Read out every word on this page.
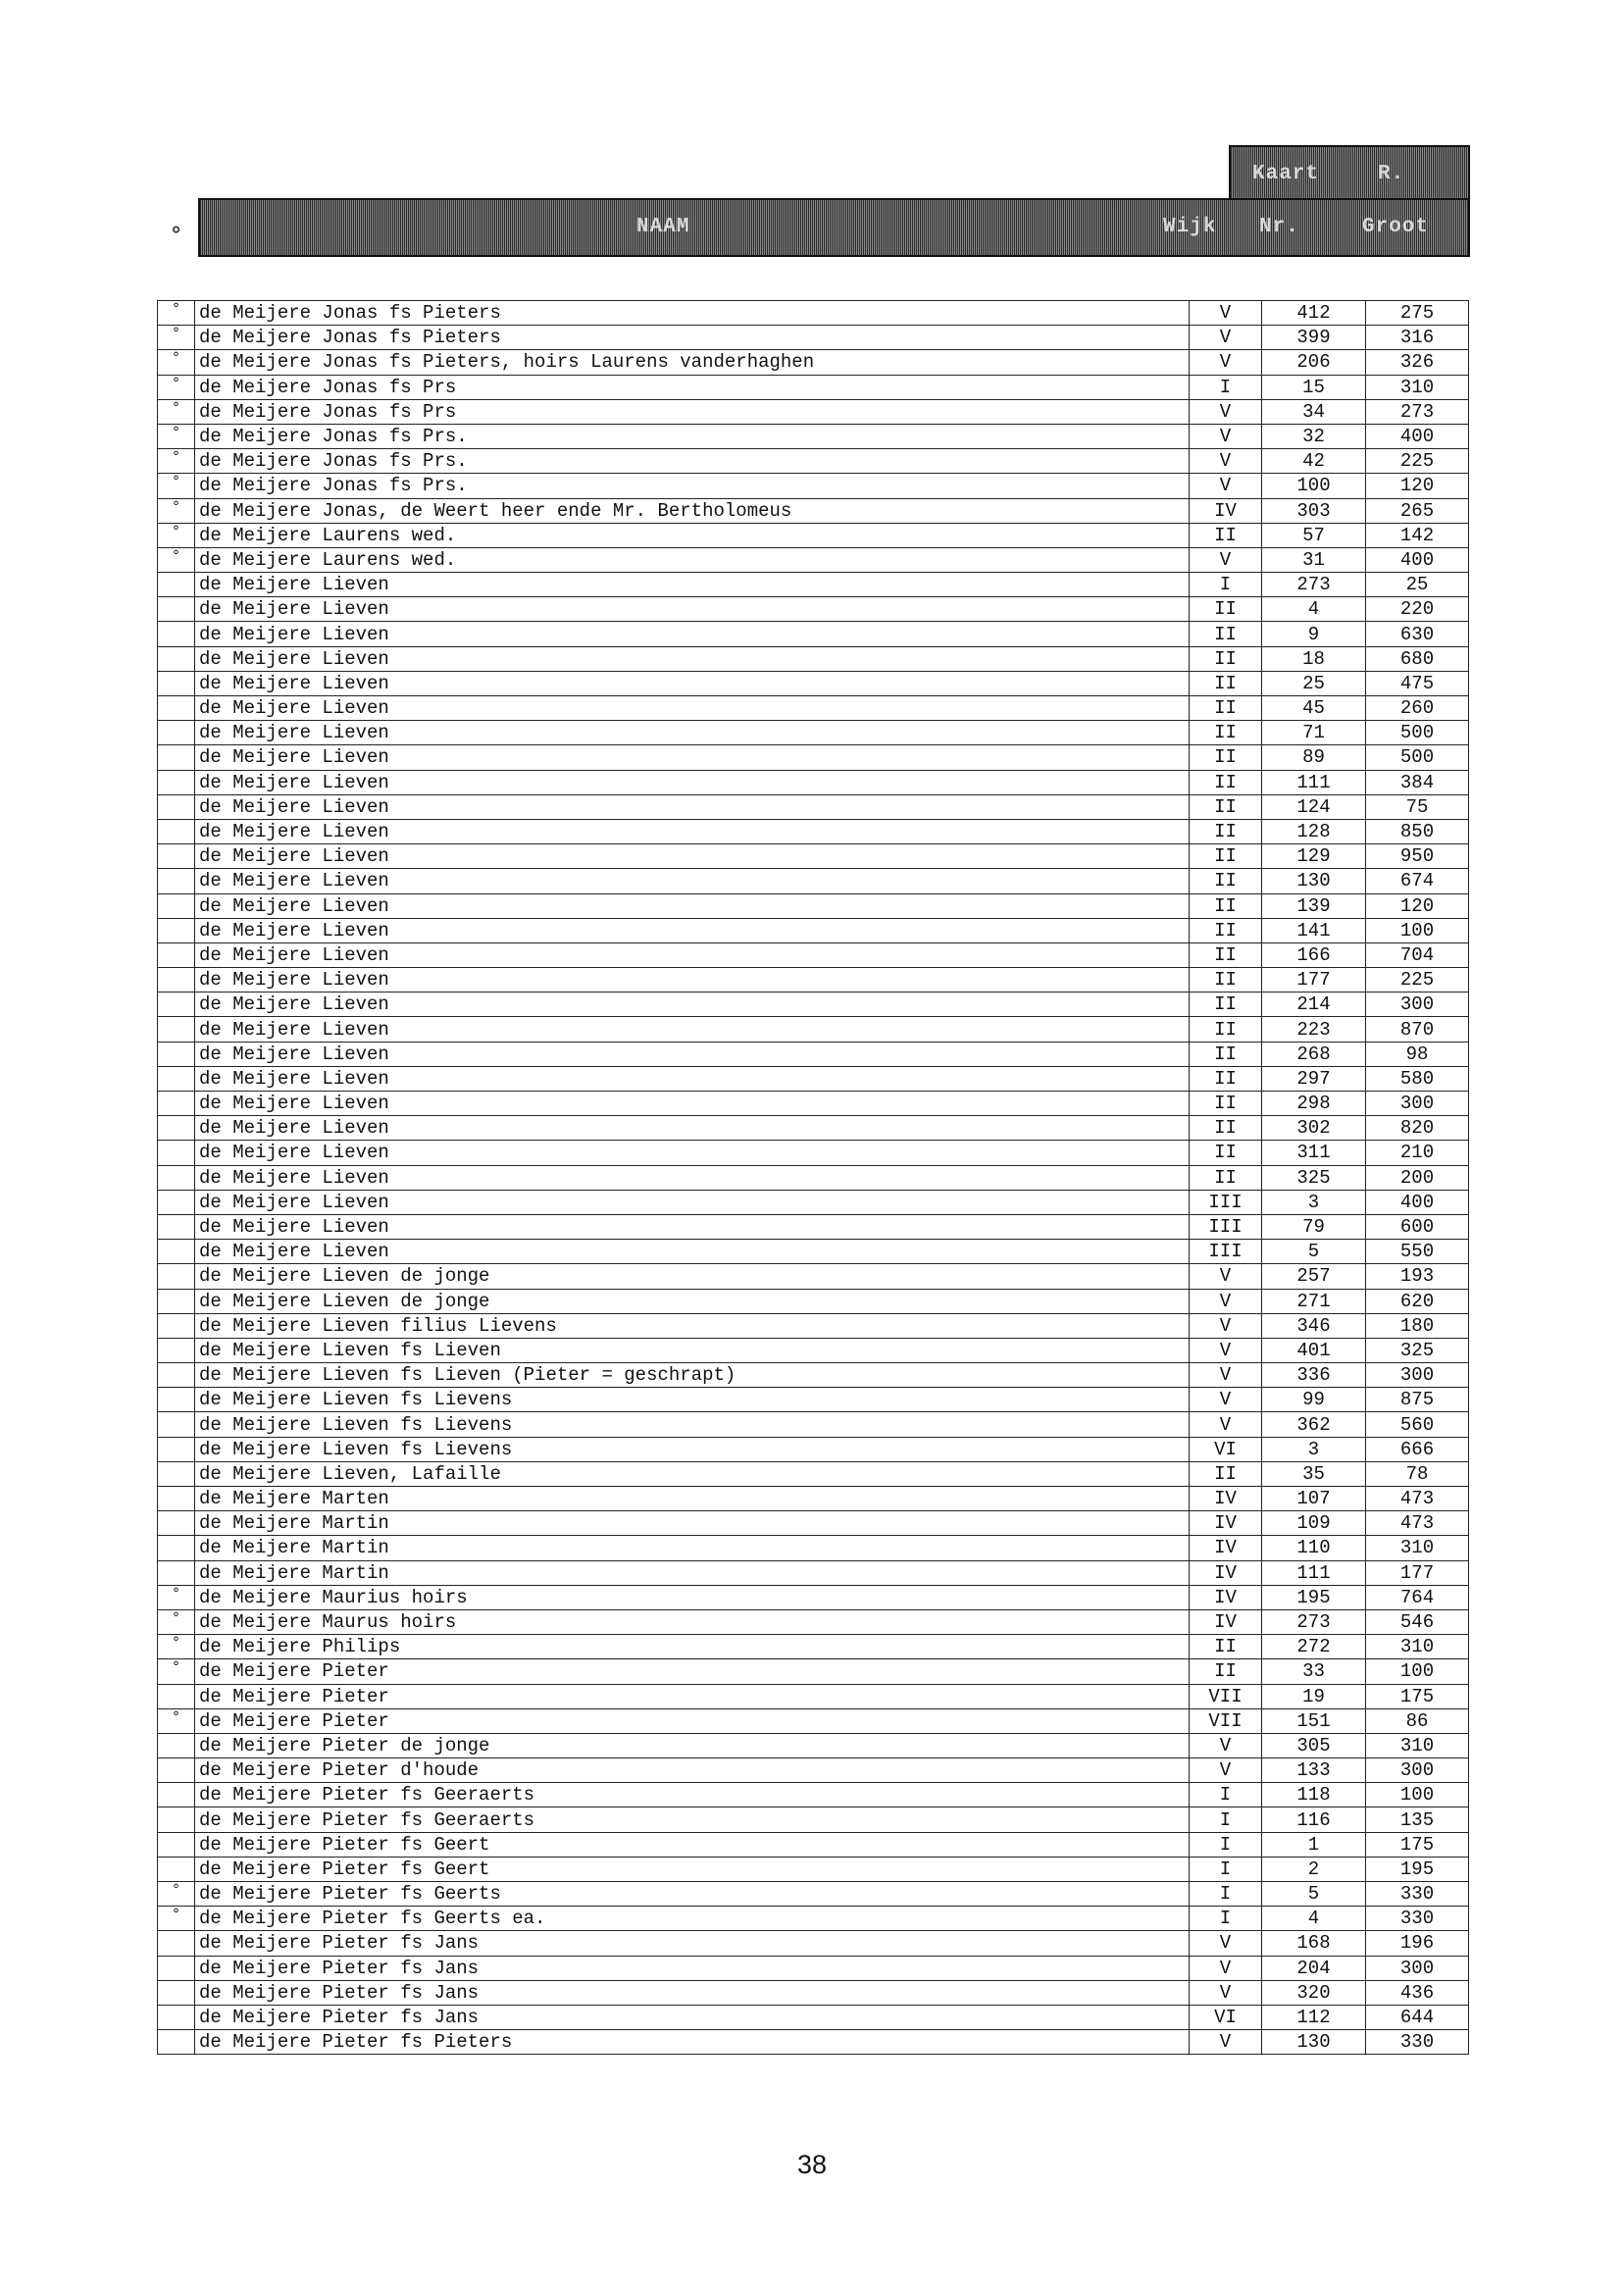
°
Kaart	R.
NAAM	Wijk Nr.	Groot
°	de Meijere Jonas fs Pieters	V	412	275
°	de Meijere Jonas fs Pieters	V	399	316
°	de Meijere Jonas fs Pieters, hoirs Laurens vanderhaghen	V	206	326
°	de Meijere Jonas fs Prs	I	15	310
°	de Meijere Jonas fs Prs	V	34	273
°	de Meijere Jonas fs Prs.	V	32	400
°	de Meijere Jonas fs Prs.	V	42	225
°	de Meijere Jonas fs Prs.	V	100	120
°	de Meijere Jonas, de Weert heer ende Mr. Bertholomeus	IV	303	265
°	de Meijere Laurens wed.	II	57	142
°	de Meijere Laurens wed.	V	31	400
	de Meijere Lieven	I	273	25
	de Meijere Lieven	II	4	220
	de Meijere Lieven	II	9	630
	de Meijere Lieven	II	18	680
	de Meijere Lieven	II	25	475
	de Meijere Lieven	II	45	260
	de Meijere Lieven	II	71	500
	de Meijere Lieven	II	89	500
	de Meijere Lieven	II	111	384
	de Meijere Lieven	II	124	75
	de Meijere Lieven	II	128	850
	de Meijere Lieven	II	129	950
	de Meijere Lieven	II	130	674
	de Meijere Lieven	II	139	120
	de Meijere Lieven	II	141	100
	de Meijere Lieven	II	166	704
	de Meijere Lieven	II	177	225
	de Meijere Lieven	II	214	300
	de Meijere Lieven	II	223	870
	de Meijere Lieven	II	268	98
	de Meijere Lieven	II	297	580
	de Meijere Lieven	II	298	300
	de Meijere Lieven	II	302	820
	de Meijere Lieven	II	311	210
	de Meijere Lieven	II	325	200
	de Meijere Lieven	III	3	400
	de Meijere Lieven	III	79	600
	de Meijere Lieven	III	5	550
	de Meijere Lieven de jonge	V	257	193
	de Meijere Lieven de jonge	V	271	620
	de Meijere Lieven filius Lievens	V	346	180
	de Meijere Lieven fs Lieven	V	401	325
	de Meijere Lieven fs Lieven (Pieter = geschrapt)	V	336	300
	de Meijere Lieven fs Lievens	V	99	875
	de Meijere Lieven fs Lievens	V	362	560
	de Meijere Lieven fs Lievens	VI	3	666
	de Meijere Lieven, Lafaille	II	35	78
	de Meijere Marten	IV	107	473
	de Meijere Martin	IV	109	473
	de Meijere Martin	IV	110	310
	de Meijere Martin	IV	111	177
°	de Meijere Maurius hoirs	IV	195	764
°	de Meijere Maurus hoirs	IV	273	546
°	de Meijere Philips	II	272	310
°	de Meijere Pieter	II	33	100
	de Meijere Pieter	VII	19	175
°	de Meijere Pieter	VII	151	86
	de Meijere Pieter de jonge	V	305	310
	de Meijere Pieter d'houde	V	133	300
	de Meijere Pieter fs Geeraerts	I	118	100
	de Meijere Pieter fs Geeraerts	I	116	135
	de Meijere Pieter fs Geert	I	1	175
	de Meijere Pieter fs Geert	I	2	195
°	de Meijere Pieter fs Geerts	I	5	330
°	de Meijere Pieter fs Geerts ea.	I	4	330
	de Meijere Pieter fs Jans	V	168	196
	de Meijere Pieter fs Jans	V	204	300
	de Meijere Pieter fs Jans	V	320	436
	de Meijere Pieter fs Jans	VI	112	644
	de Meijere Pieter fs Pieters	V	130	330
38
